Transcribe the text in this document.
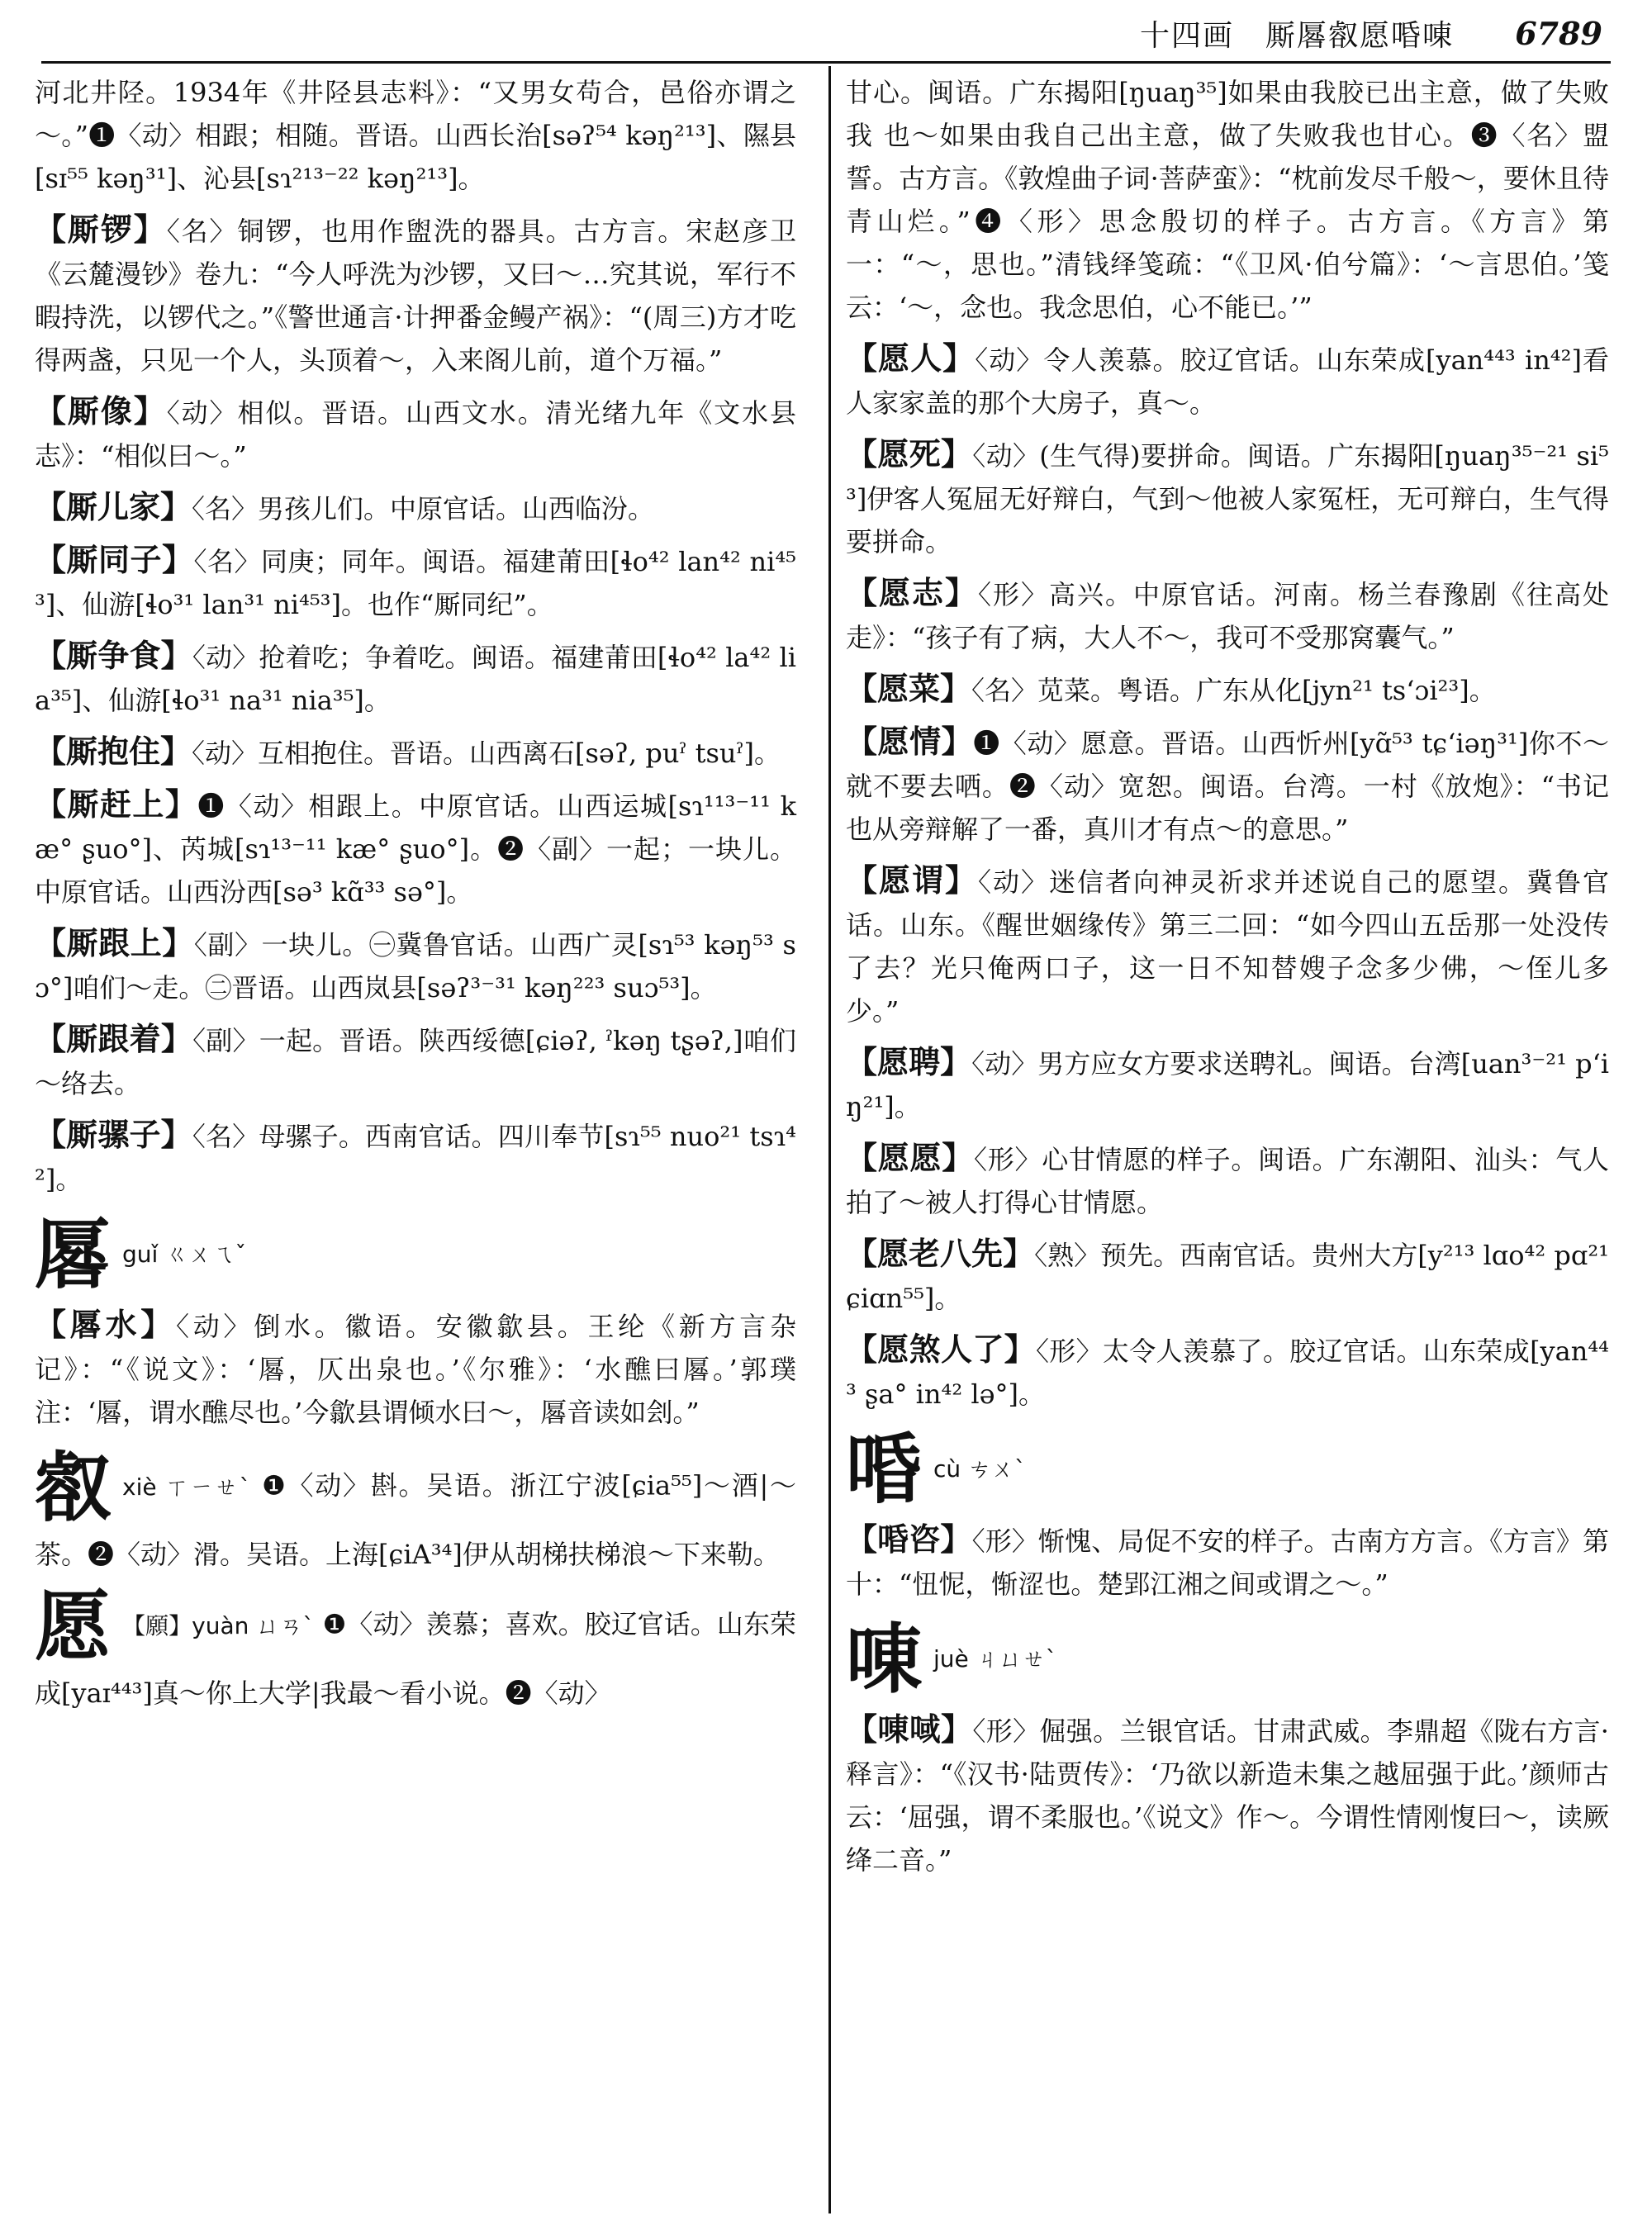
十四画　厮厬㕡愿㖧㖦 6789

河北井陉。1934年《井陉县志料》：“又男女苟合，邑俗亦谓之～。”❶〈动〉相跟；相随。晋语。山西长治[səʔ⁵⁴ kəŋ²¹³]、隰县[sɪ⁵⁵ kəŋ³¹]、沁县[sɿ²¹³⁻²² kəŋ²¹³]。

【厮锣】〈名〉铜锣，也用作盥洗的器具。古方言。宋赵彦卫《云麓漫钞》卷九：“今人呼洗为沙锣，又曰～…究其说，军行不暇持洗，以锣代之。”《警世通言·计押番金鳗产祸》：“(周三)方才吃得两盏，只见一个人，头顶着～，入来阁儿前，道个万福。”

【厮像】〈动〉相似。晋语。山西文水。清光绪九年《文水县志》：“相似曰～。”

【厮儿家】〈名〉男孩儿们。中原官话。山西临汾。

【厮同子】〈名〉同庚；同年。闽语。福建莆田[ɬo⁴² lan⁴² ni⁴⁵³]、仙游[ɬo³¹ lan³¹ ni⁴⁵³]。也作“厮同纪”。

【厮争食】〈动〉抢着吃；争着吃。闽语。福建莆田[ɬo⁴² la⁴² lia³⁵]、仙游[ɬo³¹ na³¹ nia³⁵]。

【厮抱住】〈动〉互相抱住。晋语。山西离石[səʔ, puˀ tsuˀ]。

【厮赶上】❶〈动〉相跟上。中原官话。山西运城[sɿ¹¹³⁻¹¹ kæ° ʂuo°]、芮城[sɿ¹³⁻¹¹ kæ° ʂuo°]。❷〈副〉一起；一块儿。中原官话。山西汾西[sə³ kɑ̃³³ sə°]。

【厮跟上】〈副〉一块儿。㊀冀鲁官话。山西广灵[sɿ⁵³ kəŋ⁵³ sɔ°]咱们～走。㊁晋语。山西岚县[səʔ³⁻³¹ kəŋ²²³ suɔ⁵³]。

【厮跟着】〈副〉一起。晋语。陕西绥德[ɕiəʔ, ˀkəŋ tʂəʔ,]咱们～络去。

【厮骡子】〈名〉母骡子。西南官话。四川奉节[sɿ⁵⁵ nuo²¹ tsɿ⁴²]。

厬guǐ ㄍㄨㄟˇ

【厬水】〈动〉倒水。徽语。安徽歙县。王纶《新方言杂记》：“《说文》：‘厬，仄出泉也。’《尔雅》：‘水醮曰厬。’郭璞注：‘厬，谓水醮尽也。’今歙县谓倾水曰～，厬音读如刽。”

㕡xiè ㄒㄧㄝˋ ❶〈动〉斟。吴语。浙江宁波[ɕia⁵⁵]～酒|～茶。❷〈动〉滑。吴语。上海[ɕiA³⁴]伊从胡梯扶梯浪～下来勒。

愿 【願】yuàn ㄩㄢˋ ❶〈动〉羡慕；喜欢。胶辽官话。山东荣成[yaɪ⁴⁴³]真～你上大学|我最～看小说。❷〈动〉

甘心。闽语。广东揭阳[ŋuaŋ³⁵]如果由我胶已出主意，做了失败我 也～如果由我自己出主意，做了失败我也甘心。❸〈名〉盟誓。古方言。《敦煌曲子词·菩萨蛮》：“枕前发尽千般～，要休且待青山烂。”❹〈形〉思念殷切的样子。古方言。《方言》第一：“～，思也。”清钱绎笺疏：“《卫风·伯兮篇》：‘～言思伯。’笺云：‘～，念也。我念思伯，心不能已。’”

【愿人】〈动〉令人羡慕。胶辽官话。山东荣成[yan⁴⁴³ in⁴²]看人家家盖的那个大房子，真～。

【愿死】〈动〉(生气得)要拼命。闽语。广东揭阳[ŋuaŋ³⁵⁻²¹ si⁵³]伊客人冤屈无好辩白，气到～他被人家冤枉，无可辩白，生气得要拼命。

【愿志】〈形〉高兴。中原官话。河南。杨兰春豫剧《往高处走》：“孩子有了病，大人不～，我可不受那窝囊气。”

【愿菜】〈名〉苋菜。粤语。广东从化[jyn²¹ tsʻɔi²³]。

【愿情】❶〈动〉愿意。晋语。山西忻州[yɑ̃⁵³ tɕʻiəŋ³¹]你不～就不要去哂。❷〈动〉宽恕。闽语。台湾。一村《放炮》：“书记也从旁辩解了一番，真川才有点～的意思。”

【愿谓】〈动〉迷信者向神灵祈求并述说自己的愿望。冀鲁官话。山东。《醒世姻缘传》第三二回：“如今四山五岳那一处没传了去？光只俺两口子，这一日不知替嫂子念多少佛，～侄儿多少。”

【愿聘】〈动〉男方应女方要求送聘礼。闽语。台湾[uan³⁻²¹ pʻiŋ²¹]。

【愿愿】〈形〉心甘情愿的样子。闽语。广东潮阳、汕头：气人拍了～被人打得心甘情愿。

【愿老八先】〈熟〉预先。西南官话。贵州大方[y²¹³ lɑo⁴² pɑ²¹ ɕiɑn⁵⁵]。

【愿煞人了】〈形〉太令人羡慕了。胶辽官话。山东荣成[yan⁴⁴³ ʂa° in⁴² lə°]。

㖧cù ㄘㄨˋ

【㖧咨】〈形〉惭愧、局促不安的样子。古南方方言。《方言》第十：“忸怩，惭涩也。楚郢江湘之间或谓之～。”

㖦juè ㄐㄩㄝˋ

【㖦㖪】〈形〉倔强。兰银官话。甘肃武威。李鼎超《陇右方言·释言》：“《汉书·陆贾传》：‘乃欲以新造未集之越屈强于此。’颜师古云：‘屈强，谓不柔服也。’《说文》作～。今谓性情刚愎曰～，读厥绛二音。”
